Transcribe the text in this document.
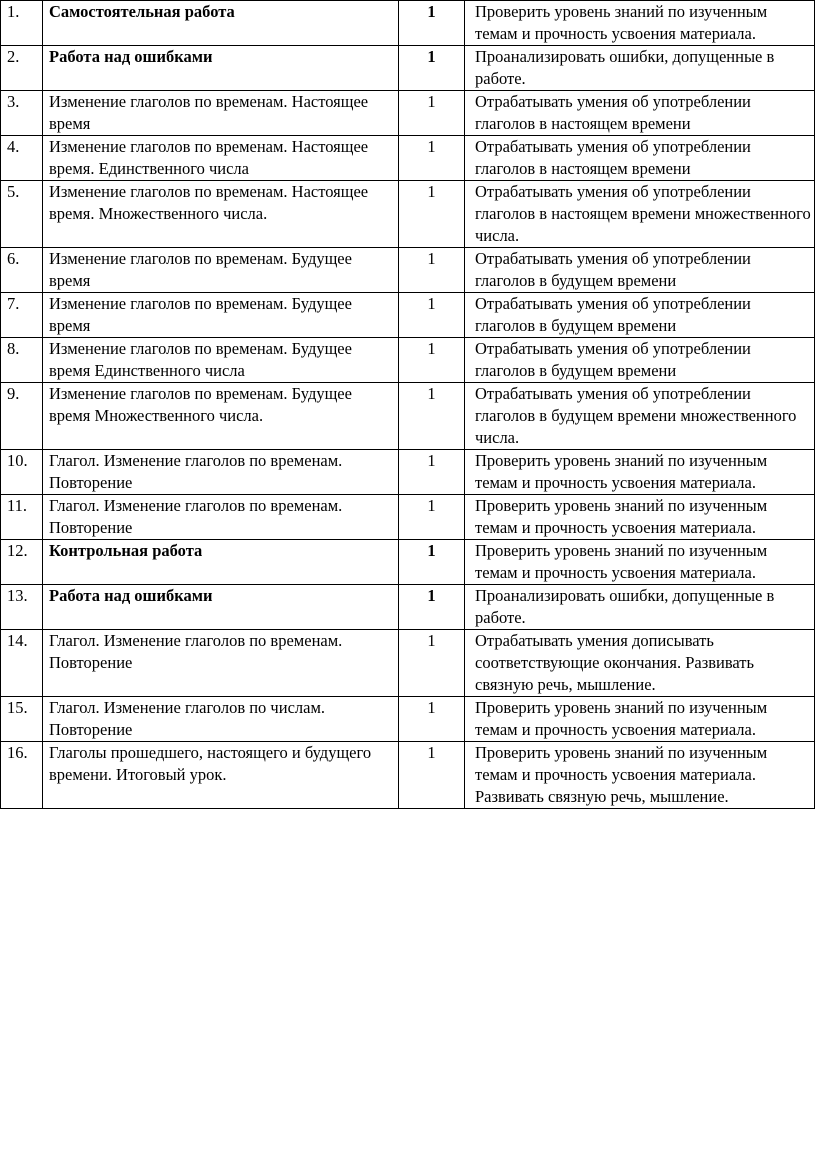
1.	Самостоятельная работа	1	Проверить уровень знаний по изученным темам и прочность усвоения материала.
2.	Работа над ошибками	1	Проанализировать ошибки, допущенные в работе.
3.	Изменение глаголов по временам. Настоящее время	1	Отрабатывать умения об употреблении глаголов в настоящем времени
4.	Изменение глаголов по временам. Настоящее время. Единственного числа	1	Отрабатывать умения об употреблении глаголов в настоящем времени
5.	Изменение глаголов по временам. Настоящее время. Множественного числа.	1	Отрабатывать умения об употреблении глаголов в настоящем времени множественного числа.
6.	Изменение глаголов по временам. Будущее время	1	Отрабатывать умения об употреблении глаголов в будущем времени
7.	Изменение глаголов по временам. Будущее время	1	Отрабатывать умения об употреблении глаголов в будущем времени
8.	Изменение глаголов по временам. Будущее время Единственного числа	1	Отрабатывать умения об употреблении глаголов в будущем времени
9.	Изменение глаголов по временам. Будущее время Множественного числа.	1	Отрабатывать умения об употреблении глаголов в будущем времени множественного числа.
10.	Глагол. Изменение глаголов по временам. Повторение	1	Проверить уровень знаний по изученным темам и прочность усвоения материала.
11.	Глагол. Изменение глаголов по временам. Повторение	1	Проверить уровень знаний по изученным темам и прочность усвоения материала.
12.	Контрольная работа	1	Проверить уровень знаний по изученным темам и прочность усвоения материала.
13.	Работа над ошибками	1	Проанализировать ошибки, допущенные в работе.
14.	Глагол. Изменение глаголов по временам. Повторение	1	Отрабатывать умения дописывать соответствующие окончания. Развивать связную речь, мышление.
15.	Глагол. Изменение глаголов по числам. Повторение	1	Проверить уровень знаний по изученным темам и прочность усвоения материала.
16.	Глаголы прошедшего, настоящего и будущего времени. Итоговый урок.	1	Проверить уровень знаний по изученным темам и прочность усвоения материала. Развивать связную речь, мышление.
